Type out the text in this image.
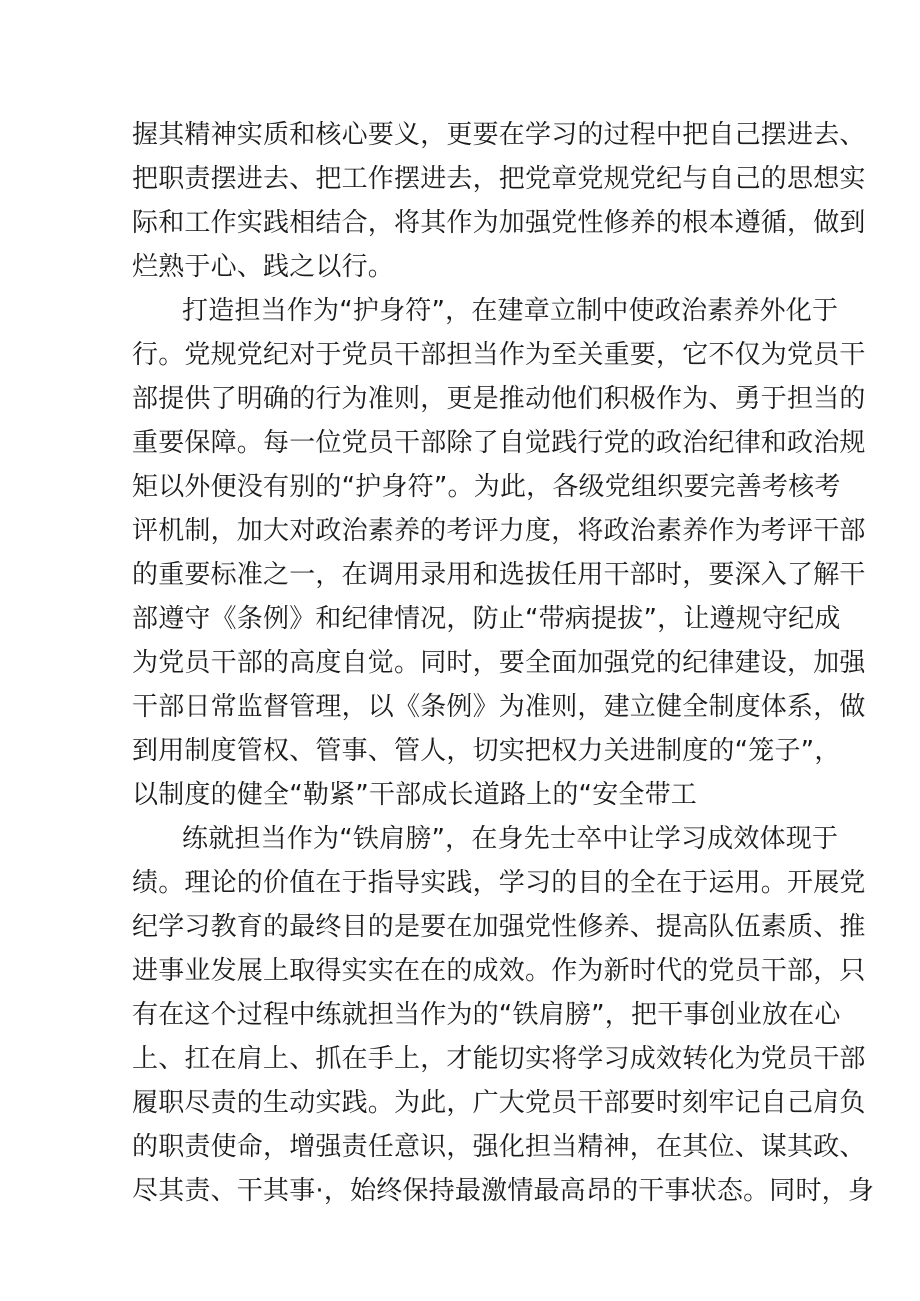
握其精神实质和核心要义，更要在学习的过程中把自己摆进去、
把职责摆进去、把工作摆进去，把党章党规党纪与自己的思想实
际和工作实践相结合，将其作为加强党性修养的根本遵循，做到
烂熟于心、践之以行。
打造担当作为“护身符”，在建章立制中使政治素养外化于
行。党规党纪对于党员干部担当作为至关重要，它不仅为党员干
部提供了明确的行为准则，更是推动他们积极作为、勇于担当的
重要保障。每一位党员干部除了自觉践行党的政治纪律和政治规
矩以外便没有别的“护身符”。为此，各级党组织要完善考核考
评机制，加大对政治素养的考评力度，将政治素养作为考评干部
的重要标准之一，在调用录用和选拔任用干部时，要深入了解干
部遵守《条例》和纪律情况，防止“带病提拔”，让遵规守纪成
为党员干部的高度自觉。同时，要全面加强党的纪律建设，加强
干部日常监督管理，以《条例》为准则，建立健全制度体系，做
到用制度管权、管事、管人，切实把权力关进制度的“笼子”，
以制度的健全“勒紧”干部成长道路上的“安全带工
练就担当作为“铁肩膀”，在身先士卒中让学习成效体现于
绩。理论的价值在于指导实践，学习的目的全在于运用。开展党
纪学习教育的最终目的是要在加强党性修养、提高队伍素质、推
进事业发展上取得实实在在的成效。作为新时代的党员干部，只
有在这个过程中练就担当作为的“铁肩膀”，把干事创业放在心
上、扛在肩上、抓在手上，才能切实将学习成效转化为党员干部
履职尽责的生动实践。为此，广大党员干部要时刻牢记自己肩负
的职责使命，增强责任意识，强化担当精神，在其位、谋其政、
尽其责、干其事·，始终保持最激情最高昂的干事状态。同时，身
